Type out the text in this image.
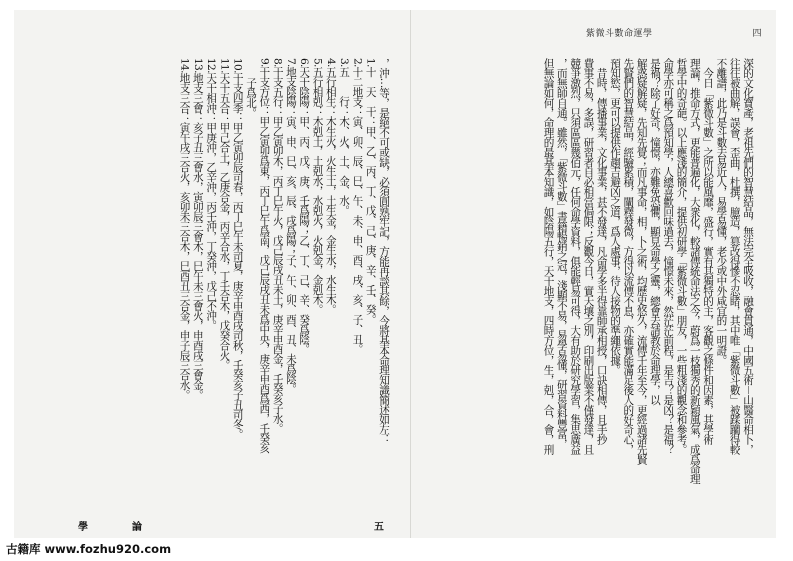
，沖…等，是絕不可或缺，必須圓熟牢記，方能再談其餘，今將基本命理知識簡述如左：
1.十　天　干：甲、乙、丙、丁、戊、己、庚、辛、壬、癸。
2.十二地支：寅、卯、辰、巳、午、未、申、酉、戌、亥、子、丑。
3.五　　行：木、火、土、金、水。
4.五行相生：木生火，火生土，土生金，金生水，水生木。
5.五行相剋：木剋土，土剋水，水剋火，火剋金，金剋木。
6.天干陰陽：甲、丙、戊、庚、壬爲陽；乙、丁、己、辛、癸爲陰。
7.地支陰陽：寅、申、巳、亥、辰、戌爲陽；子、午、卯、酉、丑、未爲陰。
8.干支五行：甲乙寅卯木，丙丁巳午火，戊己辰戌丑未土，庚辛申酉金，壬癸亥子水。
9.干支方位：甲乙寅卯爲東，丙丁巳午爲南，戊己辰戌丑未爲中央，庚辛申酉爲西，壬癸亥
　　子爲北。
10.干支四季：甲乙寅卯辰司春，丙丁巳午未司夏，庚辛申酉戌司秋，壬癸亥子丑司冬。
11.天干五合：甲己合土，乙庚合金，丙辛合水，丁壬合木，戊癸合火。
12.天干相沖：甲庚沖，乙辛沖，丙壬沖，丁癸沖，戊己不沖。
13.地支三會：亥子丑三會水，寅卯辰三會木，巳午未三會火，申酉戌三會金。
14.地支三合：寅午戌三合火，亥卯未三合木，巳酉丑三合金，申子辰三合水。
學	論	五
紫微斗數命運學	四
深的文化寶產，老祖先們的智慧結晶，無法完全吸收，融會貫通，中國五術－山醫命相卜，
往往被曲解，誤會，歪曲，杜撰，臆造，篡改得慘不忍睹，其中唯「紫微斗數」被蹂躪得較
不離譜，此乃是斗數去易近人，易學易懂，老少或中外咸宜的一明證。
　今日「紫微斗數」之所以能風靡，盛行，實有其獨特的主，客觀之條件和因素，其學術
理論，推命方式，更能普遍化，大衆化，較諸傳統命法之今，蔚爲一枝獨秀的新穎風氣，成爲命理
哲學中的奇葩。以上應淺的簡介，提供初研學「紫微斗數」朋友，一些粗淺的觀念和參考。
命學亦可稱之爲預知學，人總喜歡回味過去，憧憬未來，然茫茫前程，是吉？是凶？是福？
是禍？除了好奇，憧憬，亦難免恐懼，顯見命學之靈，總會去請教於命理學，以
解惑疑解疑，先知先覺；而凡事命，相，卜之術，均歷史悠久，流傳千年至今，更經過諸先賢
先賢們的智慧結晶，經驗累積，闡釋發微，方得以流傳不息，亦確實能滿足後人的好奇心，
預知慾，更可以提供作趨吉避凶之道，爲人處事，待人接物的準繩依據。
　昔時，傳播事業，文化事業，甚不發達，凡命學多半得靠師承相授，口訣相傳，且手抄
費事不易，多誤，研習者自必相當侷限；反觀今日，實天壤之別，印刷出版業不僅發達，且
競爭激烈，只須區區幾佰元，任何命學資料，俱能輕易可得，大有助於研究學習，集思廣益
，而無師自通。雖然，「紫微斗數」書籍暢銷之冠，淺顯不易，易學易懂，研習資料豐富，
但無論如何，命理的最基本知識，如陰陽五行，天干地支，四時方位，生，剋，合，會，刑
古籍库 www.fozhu920.com
